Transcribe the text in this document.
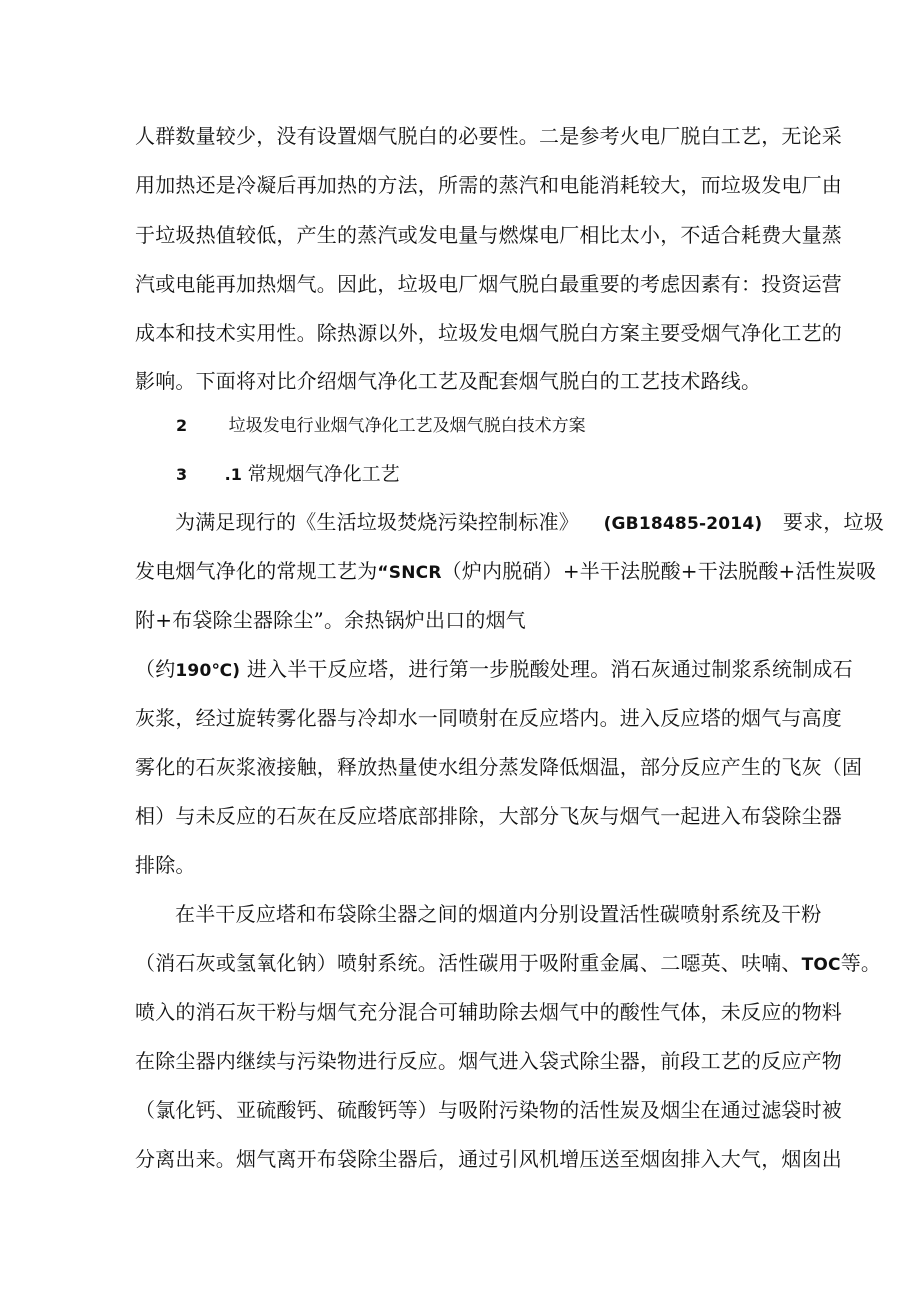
人群数量较少，没有设置烟气脱白的必要性。二是参考火电厂脱白工艺，无论采
用加热还是冷凝后再加热的方法，所需的蒸汽和电能消耗较大，而垃圾发电厂由
于垃圾热值较低，产生的蒸汽或发电量与燃煤电厂相比太小，不适合耗费大量蒸
汽或电能再加热烟气。因此，垃圾电厂烟气脱白最重要的考虑因素有：投资运营
成本和技术实用性。除热源以外，垃圾发电烟气脱白方案主要受烟气净化工艺的
影响。下面将对比介绍烟气净化工艺及配套烟气脱白的工艺技术路线。
2 垃圾发电行业烟气净化工艺及烟气脱白技术方案
3 .1 常规烟气净化工艺
为满足现行的《生活垃圾焚烧污染控制标准》 (GB18485-2014) 要求，垃圾
发电烟气净化的常规工艺为“SNCR（炉内脱硝）+半干法脱酸+干法脱酸+活性炭吸
附+布袋除尘器除尘”。余热锅炉出口的烟气
（约190℃) 进入半干反应塔，进行第一步脱酸处理。消石灰通过制浆系统制成石
灰浆，经过旋转雾化器与冷却水一同喷射在反应塔内。进入反应塔的烟气与高度
雾化的石灰浆液接触，释放热量使水组分蒸发降低烟温，部分反应产生的飞灰（固
相）与未反应的石灰在反应塔底部排除，大部分飞灰与烟气一起进入布袋除尘器
排除。
在半干反应塔和布袋除尘器之间的烟道内分别设置活性碳喷射系统及干粉
（消石灰或氢氧化钠）喷射系统。活性碳用于吸附重金属、二噁英、呋喃、TOC等。
喷入的消石灰干粉与烟气充分混合可辅助除去烟气中的酸性气体，未反应的物料
在除尘器内继续与污染物进行反应。烟气进入袋式除尘器，前段工艺的反应产物
（氯化钙、亚硫酸钙、硫酸钙等）与吸附污染物的活性炭及烟尘在通过滤袋时被
分离出来。烟气离开布袋除尘器后，通过引风机增压送至烟囱排入大气，烟囱出
